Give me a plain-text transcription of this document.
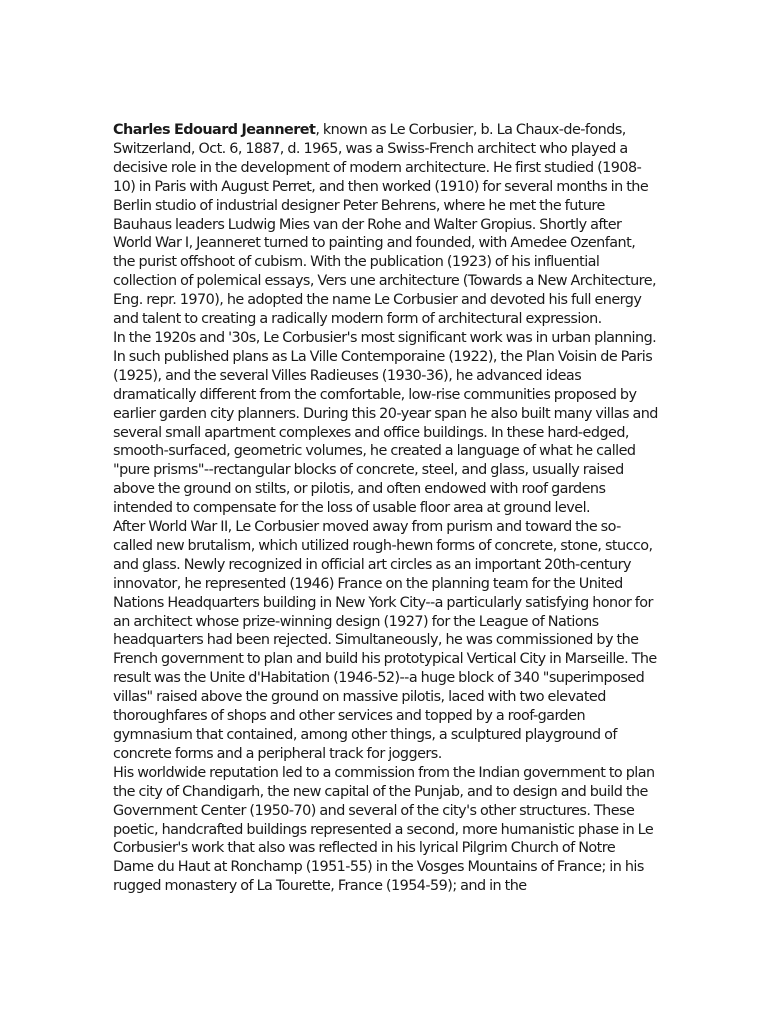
Charles Edouard Jeanneret, known as Le Corbusier, b. La Chaux-de-fonds, Switzerland, Oct. 6, 1887, d. 1965, was a Swiss-French architect who played a decisive role in the development of modern architecture. He first studied (1908-10) in Paris with August Perret, and then worked (1910) for several months in the Berlin studio of industrial designer Peter Behrens, where he met the future Bauhaus leaders Ludwig Mies van der Rohe and Walter Gropius. Shortly after World War I, Jeanneret turned to painting and founded, with Amedee Ozenfant, the purist offshoot of cubism. With the publication (1923) of his influential collection of polemical essays, Vers une architecture (Towards a New Architecture, Eng. repr. 1970), he adopted the name Le Corbusier and devoted his full energy and talent to creating a radically modern form of architectural expression.

In the 1920s and '30s, Le Corbusier's most significant work was in urban planning. In such published plans as La Ville Contemporaine (1922), the Plan Voisin de Paris (1925), and the several Villes Radieuses (1930-36), he advanced ideas dramatically different from the comfortable, low-rise communities proposed by earlier garden city planners. During this 20-year span he also built many villas and several small apartment complexes and office buildings. In these hard-edged, smooth-surfaced, geometric volumes, he created a language of what he called "pure prisms"--rectangular blocks of concrete, steel, and glass, usually raised above the ground on stilts, or pilotis, and often endowed with roof gardens intended to compensate for the loss of usable floor area at ground level.

After World War II, Le Corbusier moved away from purism and toward the so-called new brutalism, which utilized rough-hewn forms of concrete, stone, stucco, and glass. Newly recognized in official art circles as an important 20th-century innovator, he represented (1946) France on the planning team for the United Nations Headquarters building in New York City--a particularly satisfying honor for an architect whose prize-winning design (1927) for the League of Nations headquarters had been rejected. Simultaneously, he was commissioned by the French government to plan and build his prototypical Vertical City in Marseille. The result was the Unite d'Habitation (1946-52)--a huge block of 340 "superimposed villas" raised above the ground on massive pilotis, laced with two elevated thoroughfares of shops and other services and topped by a roof-garden gymnasium that contained, among other things, a sculptured playground of concrete forms and a peripheral track for joggers.

His worldwide reputation led to a commission from the Indian government to plan the city of Chandigarh, the new capital of the Punjab, and to design and build the Government Center (1950-70) and several of the city's other structures. These poetic, handcrafted buildings represented a second, more humanistic phase in Le Corbusier's work that also was reflected in his lyrical Pilgrim Church of Notre Dame du Haut at Ronchamp (1951-55) in the Vosges Mountains of France; in his rugged monastery of La Tourette, France (1954-59); and in the
